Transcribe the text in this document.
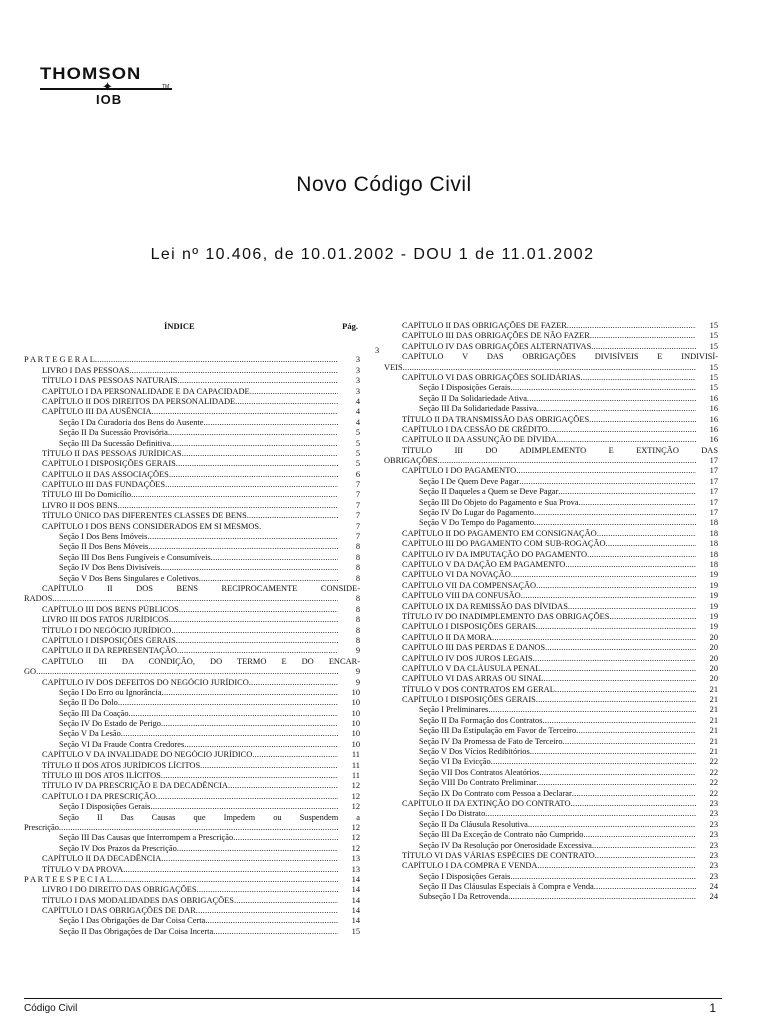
THOMSON
✦
IOB
TM
Novo Código Civil
Lei nº 10.406, de 10.01.2002 - DOU 1 de 11.01.2002
ÍNDICE	Pág.
P A R T E G E R A L .....	3
LIVRO I DAS PESSOAS .....	3
TÍTULO I DAS PESSOAS NATURAIS .....	3
CAPÍTULO I DA PERSONALIDADE E DA CAPACIDADE .....	3
CAPÍTULO II DOS DIREITOS DA PERSONALIDADE .....	4
CAPÍTULO III DA AUSÊNCIA .....	4
Seção I Da Curadoria dos Bens do Ausente .....	4
Seção II Da Sucessão Provisória .....	5
Seção III Da Sucessão Definitiva .....	5
TÍTULO II DAS PESSOAS JURÍDICAS .....	5
CAPÍTULO I DISPOSIÇÕES GERAIS .....	5
CAPÍTULO II DAS ASSOCIAÇÕES .....	6
CAPÍTULO III DAS FUNDAÇÕES .....	7
TÍTULO III Do Domicílio .....	7
LIVRO II DOS BENS .....	7
TÍTULO ÚNICO DAS DIFERENTES CLASSES DE BENS .....	7
CAPÍTULO I DOS BENS CONSIDERADOS EM SI MESMOS.	7
Seção I Dos Bens Imóveis .....	7
Seção II Dos Bens Móveis .....	8
Seção III Dos Bens Fungíveis e Consumíveis .....	8
Seção IV Dos Bens Divisíveis .....	8
Seção V Dos Bens Singulares e Coletivos .....	8
CAPÍTULO II DOS BENS RECIPROCAMENTE CONSIDE-
RADOS .....	8
CAPÍTULO III DOS BENS PÚBLICOS .....	8
LIVRO III DOS FATOS JURÍDICOS .....	8
TÍTULO I DO NEGÓCIO JURÍDICO .....	8
CAPÍTULO I DISPOSIÇÕES GERAIS .....	8
CAPÍTULO II DA REPRESENTAÇÃO .....	9
CAPÍTULO III DA CONDIÇÃO, DO TERMO E DO ENCAR-
GO .....	9
CAPÍTULO IV DOS DEFEITOS DO NEGÓCIO JURÍDICO .....	9
Seção I Do Erro ou Ignorância .....	10
Seção II Do Dolo .....	10
Seção III Da Coação .....	10
Seção IV Do Estado de Perigo .....	10
Seção V Da Lesão .....	10
Seção VI Da Fraude Contra Credores .....	10
CAPÍTULO V DA INVALIDADE DO NEGÓCIO JURÍDICO .....	11
TÍTULO II DOS ATOS JURÍDICOS LÍCITOS .....	11
TÍTULO III DOS ATOS ILÍCITOS .....	11
TÍTULO IV DA PRESCRIÇÃO E DA DECADÊNCIA .....	12
CAPÍTULO I DA PRESCRIÇÃO .....	12
Seção I Disposições Gerais .....	12
Seção II Das Causas que Impedem ou Suspendem a
Prescrição .....	12
Seção III Das Causas que Interrompem a Prescrição .....	12
Seção IV Dos Prazos da Prescrição .....	12
CAPÍTULO II DA DECADÊNCIA .....	13
TÍTULO V DA PROVA .....	13
P A R T E E S P E C I A L .....	14
LIVRO I DO DIREITO DAS OBRIGAÇÕES .....	14
TÍTULO I DAS MODALIDADES DAS OBRIGAÇÕES .....	14
CAPÍTULO I DAS OBRIGAÇÕES DE DAR .....	14
Seção I Das Obrigações de Dar Coisa Certa .....	14
Seção II Das Obrigações de Dar Coisa Incerta .....	15
3
CAPÍTULO II DAS OBRIGAÇÕES DE FAZER .....	15
CAPÍTULO III DAS OBRIGAÇÕES DE NÃO FAZER .....	15
CAPÍTULO IV DAS OBRIGAÇÕES ALTERNATIVAS .....	15
CAPÍTULO V DAS OBRIGAÇÕES DIVISÍVEIS E INDIVISÍ-
VEIS .....	15
CAPÍTULO VI DAS OBRIGAÇÕES SOLIDÁRIAS .....	15
Seção I Disposições Gerais .....	15
Seção II Da Solidariedade Ativa .....	16
Seção III Da Solidariedade Passiva .....	16
TÍTULO II DA TRANSMISSÃO DAS OBRIGAÇÕES .....	16
CAPÍTULO I DA CESSÃO DE CRÉDITO .....	16
CAPÍTULO II DA ASSUNÇÃO DE DÍVIDA .....	16
TÍTULO III DO ADIMPLEMENTO E EXTINÇÃO DAS
OBRIGAÇÕES .....	17
CAPÍTULO I DO PAGAMENTO .....	17
Seção I De Quem Deve Pagar .....	17
Seção II Daqueles a Quem se Deve Pagar .....	17
Seção III Do Objeto do Pagamento e Sua Prova .....	17
Seção IV Do Lugar do Pagamento .....	17
Seção V Do Tempo do Pagamento .....	18
CAPÍTULO II DO PAGAMENTO EM CONSIGNAÇÃO .....	18
CAPÍTULO III DO PAGAMENTO COM SUB-ROGAÇÃO .....	18
CAPÍTULO IV DA IMPUTAÇÃO DO PAGAMENTO .....	18
CAPÍTULO V DA DAÇÃO EM PAGAMENTO .....	18
CAPÍTULO VI DA NOVAÇÃO .....	19
CAPÍTULO VII DA COMPENSAÇÃO .....	19
CAPÍTULO VIII DA CONFUSÃO .....	19
CAPÍTULO IX DA REMISSÃO DAS DÍVIDAS .....	19
TÍTULO IV DO INADIMPLEMENTO DAS OBRIGAÇÕES .....	19
CAPÍTULO I DISPOSIÇÕES GERAIS .....	19
CAPÍTULO II DA MORA .....	20
CAPÍTULO III DAS PERDAS E DANOS .....	20
CAPÍTULO IV DOS JUROS LEGAIS .....	20
CAPÍTULO V DA CLÁUSULA PENAL .....	20
CAPÍTULO VI DAS ARRAS OU SINAL .....	20
TÍTULO V DOS CONTRATOS EM GERAL .....	21
CAPÍTULO I DISPOSIÇÕES GERAIS .....	21
Seção I Preliminares .....	21
Seção II Da Formação dos Contratos .....	21
Seção III Da Estipulação em Favor de Terceiro .....	21
Seção IV Da Promessa de Fato de Terceiro .....	21
Seção V Dos Vícios Redibitórios .....	21
Seção VI Da Evicção .....	22
Seção VII Dos Contratos Aleatórios .....	22
Seção VIII Do Contrato Preliminar .....	22
Seção IX Do Contrato com Pessoa a Declarar .....	22
CAPÍTULO II DA EXTINÇÃO DO CONTRATO .....	23
Seção I Do Distrato .....	23
Seção II Da Cláusula Resolutiva .....	23
Seção III Da Exceção de Contrato não Cumprido .....	23
Seção IV Da Resolução por Onerosidade Excessiva .....	23
TÍTULO VI DAS VÁRIAS ESPÉCIES DE CONTRATO .....	23
CAPÍTULO I DA COMPRA E VENDA .....	23
Seção I Disposições Gerais .....	23
Seção II Das Cláusulas Especiais à Compra e Venda .....	24
Subseção I Da Retrovenda .....	24
Código Civil	1
